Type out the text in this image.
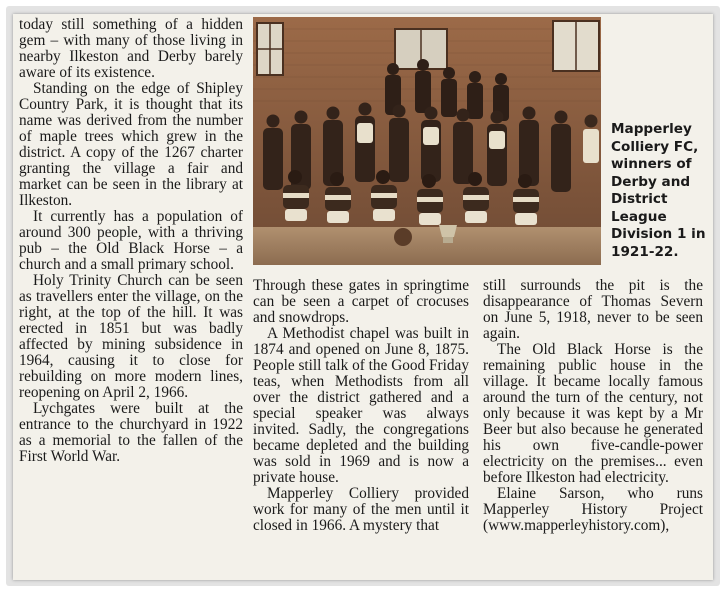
today still something of a hidden gem – with many of those living in nearby Ilkeston and Derby barely aware of its existence.

Standing on the edge of Shipley Country Park, it is thought that its name was derived from the number of maple trees which grew in the district. A copy of the 1267 charter granting the village a fair and market can be seen in the library at Ilkeston.

It currently has a population of around 300 people, with a thriving pub – the Old Black Horse – a church and a small primary school.

Holy Trinity Church can be seen as travellers enter the village, on the right, at the top of the hill. It was erected in 1851 but was badly affected by mining subsidence in 1964, causing it to close for rebuilding on more modern lines, reopening on April 2, 1966.

Lychgates were built at the entrance to the churchyard in 1922 as a memorial to the fallen of the First World War.

Mapperley Colliery FC, winners of Derby and District League Division 1 in 1921-22.

Through these gates in springtime can be seen a carpet of crocuses and snowdrops.

A Methodist chapel was built in 1874 and opened on June 8, 1875. People still talk of the Good Friday teas, when Methodists from all over the district gathered and a special speaker was always invited. Sadly, the congregations became depleted and the building was sold in 1969 and is now a private house.

Mapperley Colliery provided work for many of the men until it closed in 1966. A mystery that

still surrounds the pit is the disappearance of Thomas Severn on June 5, 1918, never to be seen again.

The Old Black Horse is the remaining public house in the village. It became locally famous around the turn of the century, not only because it was kept by a Mr Beer but also because he generated his own five-candle-power electricity on the premises... even before Ilkeston had electricity.

Elaine Sarson, who runs Mapperley History Project (www.mapperleyhistory.com),
